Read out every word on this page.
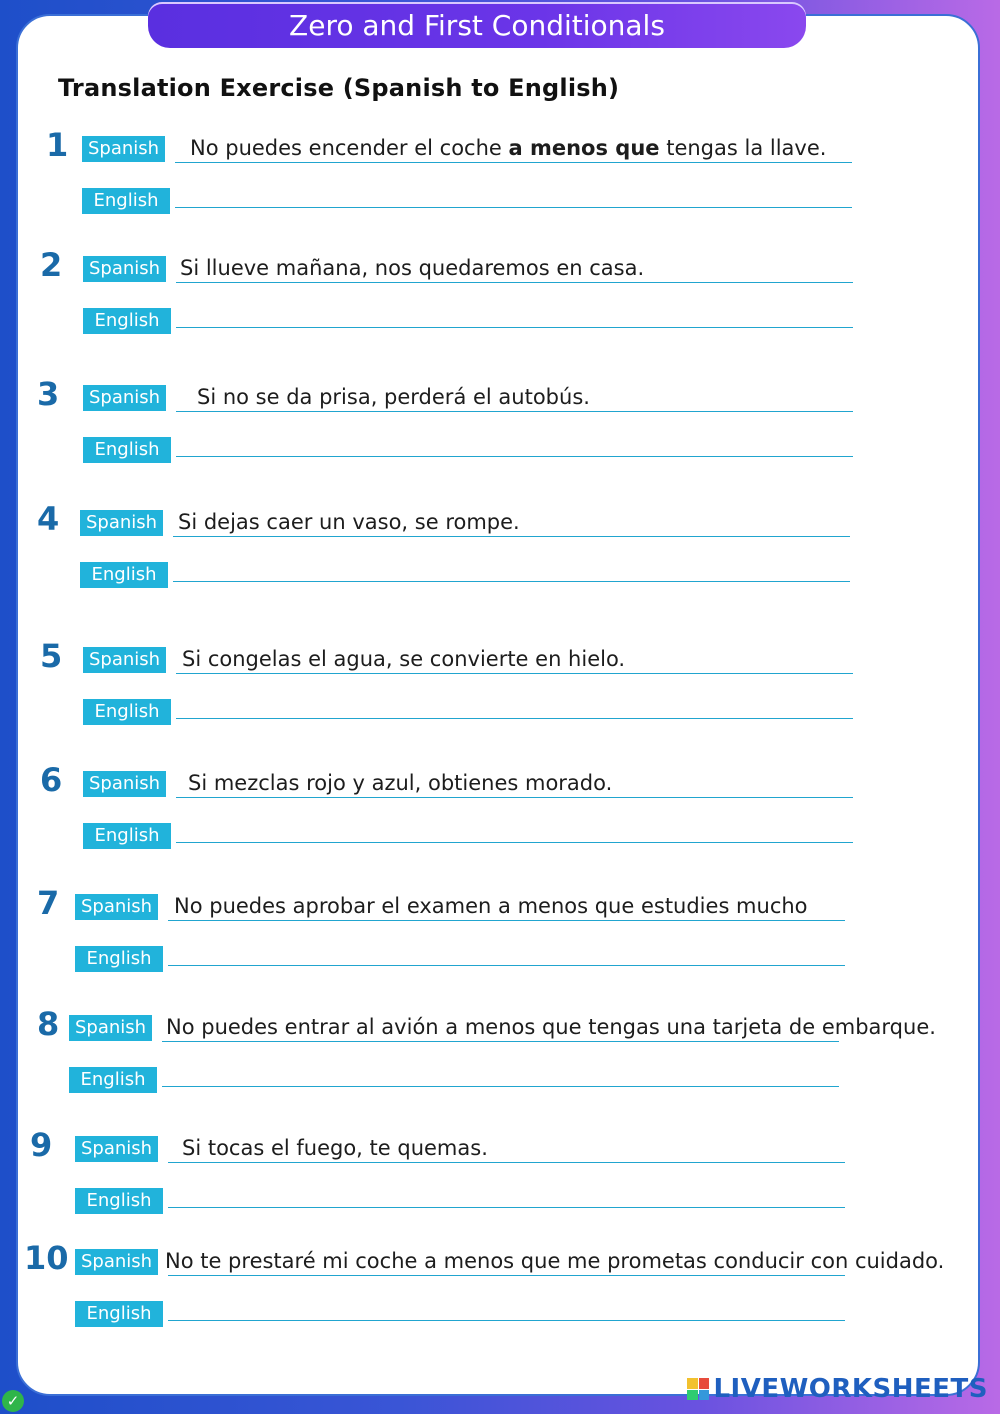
Zero and First Conditionals
Translation Exercise (Spanish to English)
1	Spanish No puedes encender el coche a menos que tengas la llave.
English
2	Spanish Si llueve mañana, nos quedaremos en casa.
English
3	Spanish Si no se da prisa, perderá el autobús.
English
4	Spanish Si dejas caer un vaso, se rompe.
English
5	Spanish Si congelas el agua, se convierte en hielo.
English
6	Spanish Si mezclas rojo y azul, obtienes morado.
English
7	Spanish No puedes aprobar el examen a menos que estudies mucho
English
8 Spanish No puedes entrar al avión a menos que tengas una tarjeta de embarque.
English
9	Spanish Si tocas el fuego, te quemas.
English
10 Spanish No te prestaré mi coche a menos que me prometas conducir con cuidado.
English
LIVEWORKSHEETS
✓
